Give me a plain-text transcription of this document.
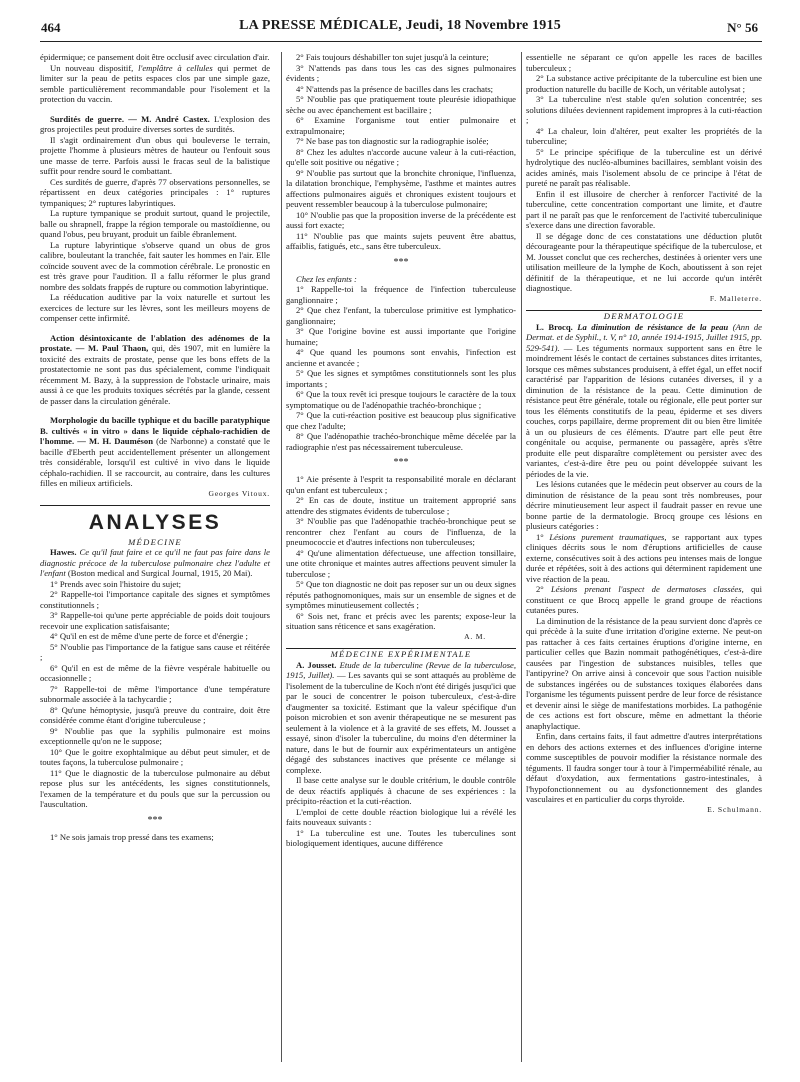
464	LA PRESSE MÉDICALE, Jeudi, 18 Novembre 1915	N° 56

épidermique; ce pansement doit être occlusif avec circulation d'air.

Un nouveau dispositif, l'emplâtre à cellules qui permet de limiter sur la peau de petits espaces clos par une simple gaze, semble particulièrement recommandable pour l'isolement et la protection du vaccin.

Surdités de guerre. — M. André Castex. L'explosion des gros projectiles peut produire diverses sortes de surdités.

Il s'agit ordinairement d'un obus qui bouleverse le terrain, projette l'homme à plusieurs mètres de hauteur ou l'enfouit sous une masse de terre. Parfois aussi le fracas seul de la balistique suffit pour rendre sourd le combattant.

Ces surdités de guerre, d'après 77 observations personnelles, se répartissent en deux catégories principales : 1° ruptures tympaniques; 2° ruptures labyrintiques.

La rupture tympanique se produit surtout, quand le projectile, balle ou shrapnell, frappe la région temporale ou mastoïdienne, ou quand l'obus, peu bruyant, produit un faible ébranlement.

La rupture labyrintique s'observe quand un obus de gros calibre, bouleutant la tranchée, fait sauter les hommes en l'air. Elle coïncide souvent avec de la commotion cérébrale. Le pronostic en est très grave pour l'audition. Il a fallu réformer le plus grand nombre des soldats frappés de rupture ou commotion labyrintique.

La rééducation auditive par la voix naturelle et surtout les exercices de lecture sur les lèvres, sont les meilleurs moyens de compenser cette infirmité.

Action désintoxicante de l'ablation des adénomes de la prostate. — M. Paul Thaon, qui, dès 1907, mit en lumière la toxicité des extraits de prostate, pense que les bons effets de la prostatectomie ne sont pas dus spécialement, comme l'indiquait récemment M. Bazy, à la suppression de l'obstacle urinaire, mais aussi à ce que les produits toxiques sécrétés par la glande, cessent de passer dans la circulation générale.

Morphologie du bacille typhique et du bacille paratyphique B. cultivés « in vitro » dans le liquide céphalo-rachidien de l'homme. — M. H. Dauméson (de Narbonne) a constaté que le bacille d'Eberth peut accidentellement présenter un allongement très considérable, lorsqu'il est cultivé in vivo dans le liquide céphalo-rachidien. Il se raccourcit, au contraire, dans les cultures filles en milieux artificiels.

Georges Vitoux.

ANALYSES

MÉDECINE

Hawes. Ce qu'il faut faire et ce qu'il ne faut pas faire dans le diagnostic précoce de la tuberculose pulmonaire chez l'adulte et l'enfant (Boston medical and Surgical Journal, 1915, 20 Mai).

1° Prends avec soin l'histoire du sujet;

2° Rappelle-toi l'importance capitale des signes et symptômes constitutionnels ;

3° Rappelle-toi qu'une perte appréciable de poids doit toujours recevoir une explication satisfaisante;

4° Qu'il en est de même d'une perte de force et d'énergie ;

5° N'oublie pas l'importance de la fatigue sans cause et réitérée ;

6° Qu'il en est de même de la fièvre vespérale habituelle ou occasionnelle ;

7° Rappelle-toi de même l'importance d'une température subnormale associée à la tachycardie ;

8° Qu'une hémoptysie, jusqu'à preuve du contraire, doit être considérée comme étant d'origine tuberculeuse ;

9° N'oublie pas que la syphilis pulmonaire est moins exceptionnelle qu'on ne le suppose;

10° Que le goitre exophtalmique au début peut simuler, et de toutes façons, la tuberculose pulmonaire ;

11° Que le diagnostic de la tuberculose pulmonaire au début repose plus sur les antécédents, les signes constitutionnels, l'examen de la température et du pouls que sur la percussion ou l'auscultation.

***

1° Ne sois jamais trop pressé dans tes examens;

2° Fais toujours déshabiller ton sujet jusqu'à la ceinture;

3° N'attends pas dans tous les cas des signes pulmonaires évidents ;

4° N'attends pas la présence de bacilles dans les crachats;

5° N'oublie pas que pratiquement toute pleurésie idiopathique sèche ou avec épanchement est bacillaire ;

6° Examine l'organisme tout entier pulmonaire et extrapulmonaire;

7° Ne base pas ton diagnostic sur la radiographie isolée;

8° Chez les adultes n'accorde aucune valeur à la cuti-réaction, qu'elle soit positive ou négative ;

9° N'oublie pas surtout que la bronchite chronique, l'influenza, la dilatation bronchique, l'emphysème, l'asthme et maintes autres affections pulmonaires aiguës et chroniques existent toujours et peuvent ressembler beaucoup à la tuberculose pulmonaire;

10° N'oublie pas que la proposition inverse de la précédente est aussi fort exacte;

11° N'oublie pas que maints sujets peuvent être abattus, affaiblis, fatigués, etc., sans être tuberculeux.

***

Chez les enfants :

1° Rappelle-toi la fréquence de l'infection tuberculeuse ganglionnaire ;

2° Que chez l'enfant, la tuberculose primitive est lymphatico-ganglionnaire;

3° Que l'origine bovine est aussi importante que l'origine humaine;

4° Que quand les poumons sont envahis, l'infection est ancienne et avancée ;

5° Que les signes et symptômes constitutionnels sont les plus importants ;

6° Que la toux revêt ici presque toujours le caractère de la toux symptomatique ou de l'adénopathie trachéo-bronchique ;

7° Que la cuti-réaction positive est beaucoup plus significative que chez l'adulte;

8° Que l'adénopathie trachéo-bronchique même décelée par la radiographie n'est pas nécessairement tuberculeuse.

***

1° Aie présente à l'esprit ta responsabilité morale en déclarant qu'un enfant est tuberculeux ;

2° En cas de doute, institue un traitement approprié sans attendre des stigmates évidents de tuberculose ;

3° N'oublie pas que l'adénopathie trachéo-bronchique peut se rencontrer chez l'enfant au cours de l'influenza, de la pneumococcie et d'autres infections non tuberculeuses;

4° Qu'une alimentation défectueuse, une affection tonsillaire, une otite chronique et maintes autres affections peuvent simuler la tuberculose ;

5° Que ton diagnostic ne doit pas reposer sur un ou deux signes réputés pathognomoniques, mais sur un ensemble de signes et de symptômes minutieusement collectés ;

6° Sois net, franc et précis avec les parents; expose-leur la situation sans réticence et sans exagération.

A. M.

MÉDECINE EXPÉRIMENTALE

A. Jousset. Etude de la tuberculine (Revue de la tuberculose, 1915, Juillet). — Les savants qui se sont attaqués au problème de l'isolement de la tuberculine de Koch n'ont été dirigés jusqu'ici que par le souci de concentrer le poison tuberculeux, c'est-à-dire d'augmenter sa toxicité. Estimant que la valeur spécifique d'un poison microbien et son avenir thérapeutique ne se mesurent pas seulement à la violence et à la gravité de ses effets, M. Jousset a essayé, sinon d'isoler la tuberculine, du moins d'en déterminer la nature, dans le but de fournir aux expérimentateurs un antigène dégagé des substances inactives que présente ce mélange si complexe.

Il base cette analyse sur le double critérium, le double contrôle de deux réactifs appliqués à chacune de ses expériences : la précipito-réaction et la cuti-réaction.

L'emploi de cette double réaction biologique lui a révélé les faits nouveaux suivants :

1° La tuberculine est une. Toutes les tuberculines sont biologiquement identiques, aucune différence

essentielle ne séparant ce qu'on appelle les races de bacilles tuberculeux ;

2° La substance active précipitante de la tuberculine est bien une production naturelle du bacille de Koch, un véritable autolysat ;

3° La tuberculine n'est stable qu'en solution concentrée; ses solutions diluées deviennent rapidement impropres à la cuti-réaction ;

4° La chaleur, loin d'altérer, peut exalter les propriétés de la tuberculine;

5° Le principe spécifique de la tuberculine est un dérivé hydrolytique des nucléo-albumines bacillaires, semblant voisin des acides aminés, mais l'isolement absolu de ce principe à l'état de pureté ne paraît pas réalisable.

Enfin il est illusoire de chercher à renforcer l'activité de la tuberculine, cette concentration comportant une limite, et d'autre part il ne paraît pas que le renforcement de l'activité tuberculinique s'exerce dans une direction favorable.

Il se dégage donc de ces constatations une déduction plutôt décourageante pour la thérapeutique spécifique de la tuberculose, et M. Jousset conclut que ces recherches, destinées à orienter vers une utilisation meilleure de la lymphe de Koch, aboutissent à son rejet définitif de la thérapeutique, et ne lui accorde qu'un intérêt diagnostique.

F. Malleterre.

DERMATOLOGIE

L. Brocq. La diminution de résistance de la peau (Ann de Dermat. et de Syphil., t. V, n° 10, année 1914-1915, Juillet 1915, pp. 529-541). — Les téguments normaux supportent sans en être le moindrement lésés le contact de certaines substances dites irritantes, lorsque ces mêmes substances produisent, à effet égal, un effet nocif caractérisé par l'apparition de lésions cutanées diverses, il y a diminution de la résistance de la peau. Cette diminution de résistance peut être générale, totale ou régionale, elle peut porter sur tous les éléments constitutifs de la peau, épiderme et ses divers couches, corps papillaire, derme proprement dit ou bien être limitée à un ou plusieurs de ces éléments. D'autre part elle peut être congénitale ou acquise, permanente ou passagère, après s'être produite elle peut disparaître complètement ou persister avec des variantes, c'est-à-dire être peu ou point développée suivant les périodes de la vie.

Les lésions cutanées que le médecin peut observer au cours de la diminution de résistance de la peau sont très nombreuses, pour décrire minutieusement leur aspect il faudrait passer en revue une bonne partie de la dermatologie. Brocq groupe ces lésions en plusieurs catégories :

1° Lésions purement traumatiques, se rapportant aux types cliniques décrits sous le nom d'éruptions artificielles de cause externe, consécutives soit à des actions peu intenses mais de longue durée et répétées, soit à des actions qui déterminent rapidement une vive réaction de la peau.

2° Lésions prenant l'aspect de dermatoses classées, qui constituent ce que Brocq appelle le grand groupe de réactions cutanées pures.

La diminution de la résistance de la peau survient donc d'après ce qui précède à la suite d'une irritation d'origine externe. Ne peut-on pas rattacher à ces faits certaines éruptions d'origine interne, en particulier celles que Bazin nommait pathogénétiques, c'est-à-dire causées par l'ingestion de substances nuisibles, telles que l'antipyrine? On arrive ainsi à concevoir que sous l'action nuisible de substances ingérées ou de substances toxiques élaborées dans l'organisme les téguments puissent perdre de leur force de résistance et devenir ainsi le siège de manifestations morbides. La pathogénie de ces actions est fort obscure, même en admettant la théorie anaphylactique.

Enfin, dans certains faits, il faut admettre d'autres interprétations en dehors des actions externes et des influences d'origine interne comme susceptibles de pouvoir modifier la résistance normale des téguments. Il faudra songer tour à tour à l'imperméabilité rénale, au défaut d'oxydation, aux fermentations gastro-intestinales, à l'hypofonctionnement ou au dysfonctionnement des glandes vasculaires et en particulier du corps thyroïde.

E. Schulmann.
